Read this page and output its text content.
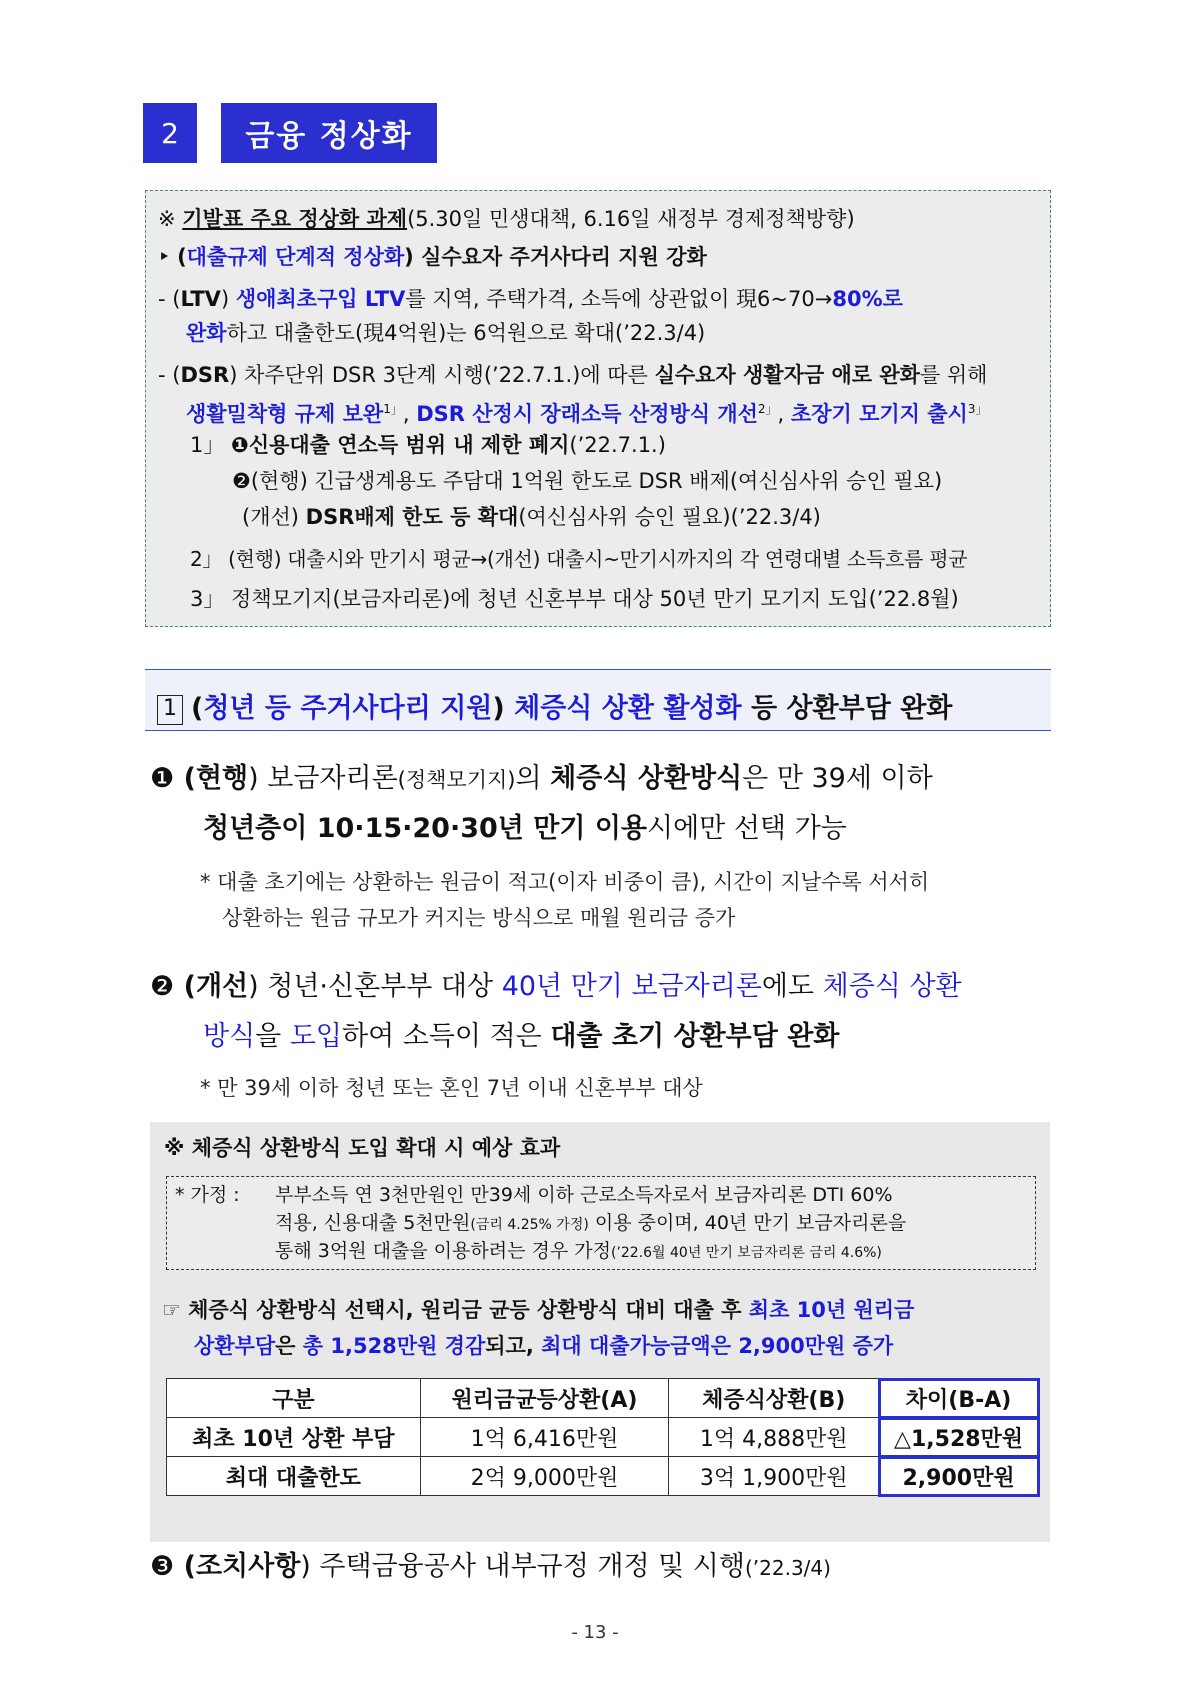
2	금융 정상화
※ 기발표 주요 정상화 과제(5.30일 민생대책, 6.16일 새정부 경제정책방향)
‣ (대출규제 단계적 정상화) 실수요자 주거사다리 지원 강화
- (LTV) 생애최초구입 LTV를 지역, 주택가격, 소득에 상관없이 現6~70→80%로
완화하고 대출한도(現4억원)는 6억원으로 확대(’22.3/4)
- (DSR) 차주단위 DSR 3단계 시행(’22.7.1.)에 따른 실수요자 생활자금 애로 완화를 위해
생활밀착형 규제 보완$^{1」}$, DSR 산정시 장래소득 산정방식 개선$^{2」}$, 초장기 모기지 출시$^{3」}$
1」 ❶신용대출 연소득 범위 내 제한 폐지(’22.7.1.)
❷(현행) 긴급생계용도 주담대 1억원 한도로 DSR 배제(여신심사위 승인 필요)
(개선) DSR배제 한도 등 확대(여신심사위 승인 필요)(’22.3/4)
2」 (현행) 대출시와 만기시 평균→(개선) 대출시~만기시까지의 각 연령대별 소득흐름 평균
3」 정책모기지(보금자리론)에 청년 신혼부부 대상 50년 만기 모기지 도입(’22.8월)
1 (청년 등 주거사다리 지원) 체증식 상환 활성화 등 상환부담 완화
❶ (현행) 보금자리론(정책모기지)의 체증식 상환방식은 만 39세 이하
청년층이 10·15·20·30년 만기 이용시에만 선택 가능
* 대출 초기에는 상환하는 원금이 적고(이자 비중이 큼), 시간이 지날수록 서서히
상환하는 원금 규모가 커지는 방식으로 매월 원리금 증가
❷ (개선) 청년·신혼부부 대상 40년 만기 보금자리론에도 체증식 상환
방식을 도입하여 소득이 적은 대출 초기 상환부담 완화
* 만 39세 이하 청년 또는 혼인 7년 이내 신혼부부 대상
※ 체증식 상환방식 도입 확대 시 예상 효과
* 가정 : 부부소득 연 3천만원인 만39세 이하 근로소득자로서 보금자리론 DTI 60%
적용, 신용대출 5천만원(금리 4.25% 가정) 이용 중이며, 40년 만기 보금자리론을
통해 3억원 대출을 이용하려는 경우 가정(’22.6월 40년 만기 보금자리론 금리 4.6%)
☞ 체증식 상환방식 선택시, 원리금 균등 상환방식 대비 대출 후 최초 10년 원리금
상환부담은 총 1,528만원 경감되고, 최대 대출가능금액은 2,900만원 증가
구분	원리금균등상환(A)	체증식상환(B)	차이(B-A)
최초 10년 상환 부담	1억 6,416만원	1억 4,888만원	△1,528만원
최대 대출한도	2억 9,000만원	3억 1,900만원	2,900만원
❸ (조치사항) 주택금융공사 내부규정 개정 및 시행(’22.3/4)
- 13 -
